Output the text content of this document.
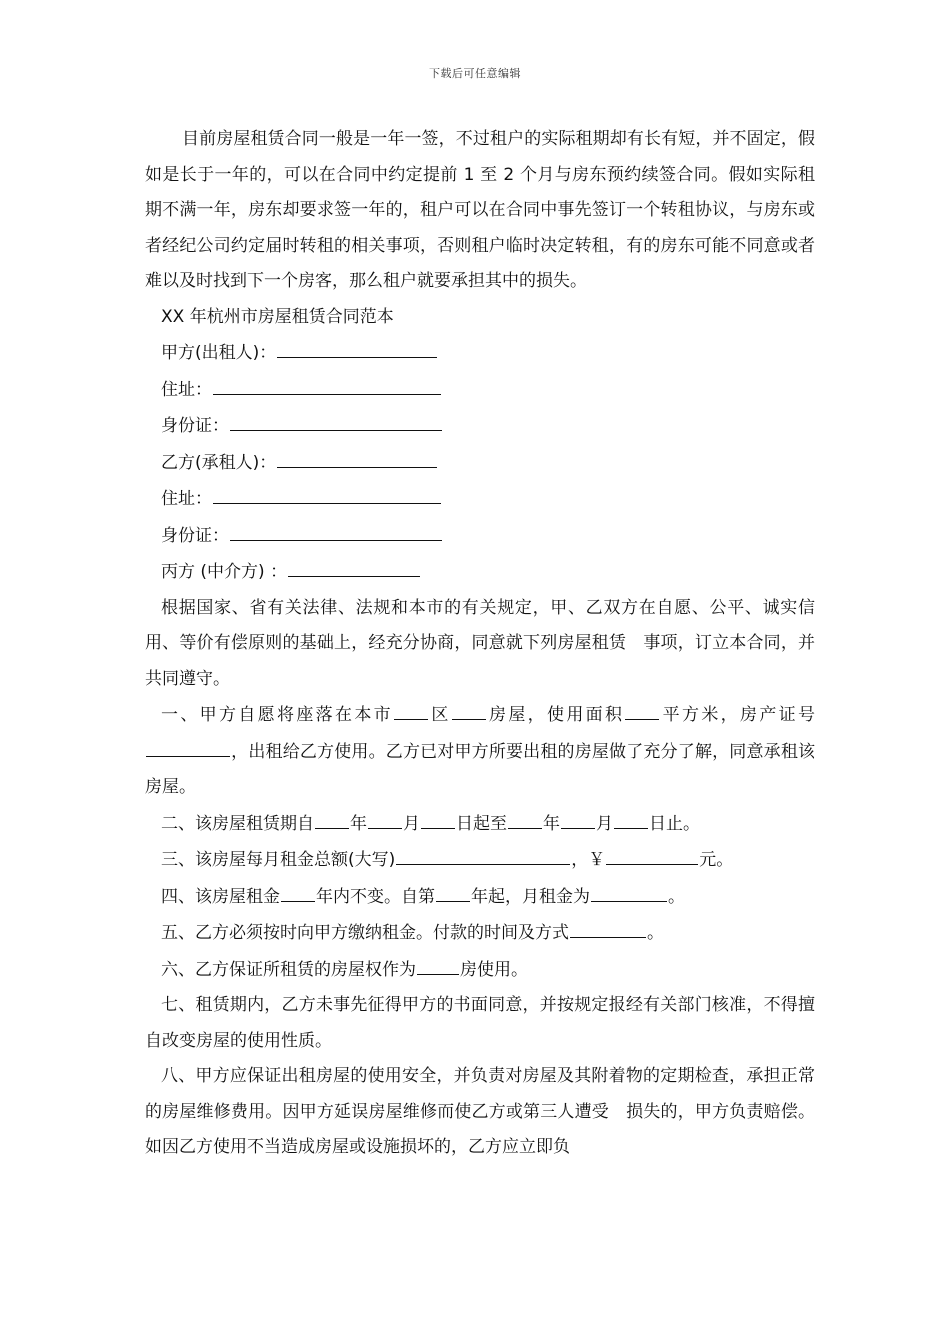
下载后可任意编辑

目前房屋租赁合同一般是一年一签，不过租户的实际租期却有长有短，并不固定，假如是长于一年的，可以在合同中约定提前 1 至 2 个月与房东预约续签合同。假如实际租期不满一年，房东却要求签一年的，租户可以在合同中事先签订一个转租协议，与房东或者经纪公司约定届时转租的相关事项，否则租户临时决定转租，有的房东可能不同意或者难以及时找到下一个房客，那么租户就要承担其中的损失。

XX 年杭州市房屋租赁合同范本

甲方(出租人)：

住址：

身份证：

乙方(承租人)：

住址：

身份证：

丙方 (中介方) ：

根据国家、省有关法律、法规和本市的有关规定，甲、乙双方在自愿、公平、诚实信用、等价有偿原则的基础上，经充分协商，同意就下列房屋租赁　事项，订立本合同，并共同遵守。

一、甲方自愿将座落在本市 区 房屋，使用面积 平方米，房产证号，出租给乙方使用。乙方已对甲方所要出租的房屋做了充分了解，同意承租该房屋。

二、该房屋租赁期自 年 月 日起至 年 月 日止。

三、该房屋每月租金总额(大写)	，￥	元。

四、该房屋租金 年内不变。自第 年起，月租金为	。

五、乙方必须按时向甲方缴纳租金。付款的时间及方式	。

六、乙方保证所租赁的房屋权作为	房使用。

七、租赁期内，乙方未事先征得甲方的书面同意，并按规定报经有关部门核准，不得擅自改变房屋的使用性质。

八、甲方应保证出租房屋的使用安全，并负责对房屋及其附着物的定期检查，承担正常的房屋维修费用。因甲方延误房屋维修而使乙方或第三人遭受　损失的，甲方负责赔偿。如因乙方使用不当造成房屋或设施损坏的，乙方应立即负
